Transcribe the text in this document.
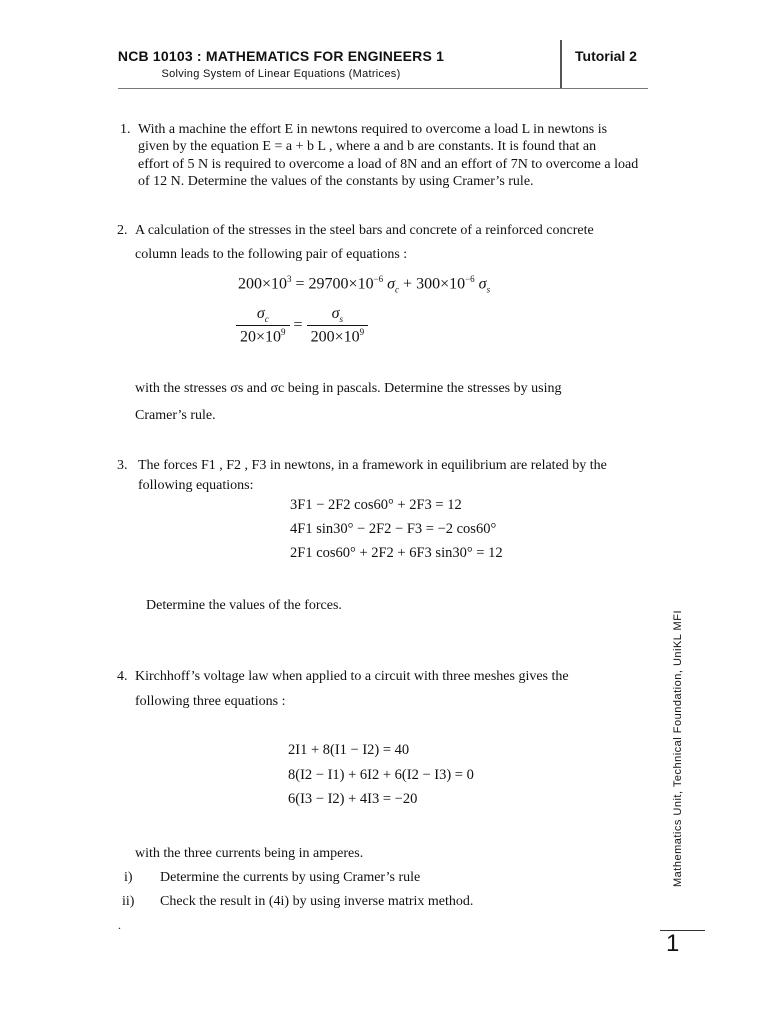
NCB 10103 : MATHEMATICS FOR ENGINEERS 1
Solving System of Linear Equations (Matrices)
Tutorial 2
1. With a machine the effort E in newtons required to overcome a load L in newtons is
given by the equation E = a + b L , where a and b are constants. It is found that an
effort of 5 N is required to overcome a load of 8N and an effort of 7N to overcome a load
of 12 N. Determine the values of the constants by using Cramer’s rule.
2. A calculation of the stresses in the steel bars and concrete of a reinforced concrete
column leads to the following pair of equations :
$200\times 10^3 = 29700\times 10^{-6}$ $\sigma_c + 300\times 10^{-6}$ $\sigma_s$
$\frac{\sigma_c}{20\times 10^9} = \frac{\sigma_s}{200\times 10^9}$
with the stresses σs and σc being in pascals. Determine the stresses by using
Cramer’s rule.
3. The forces F1 , F2 , F3 in newtons, in a framework in equilibrium are related by the
following equations:
3F1 − 2F2 cos60° + 2F3 = 12
4F1 sin30° − 2F2 − F3 = −2 cos60°
2F1 cos60° + 2F2 + 6F3 sin30° = 12
Determine the values of the forces.
4. Kirchhoff’s voltage law when applied to a circuit with three meshes gives the
following three equations :
2I1 + 8(I1 − I2) = 40
8(I2 − I1) + 6I2 + 6(I2 − I3) = 0
6(I3 − I2) + 4I3 = −20
with the three currents being in amperes.
i) Determine the currents by using Cramer’s rule
ii) Check the result in (4i) by using inverse matrix method.
.
Mathematics Unit, Technical Foundation, UniKL MFI
1
